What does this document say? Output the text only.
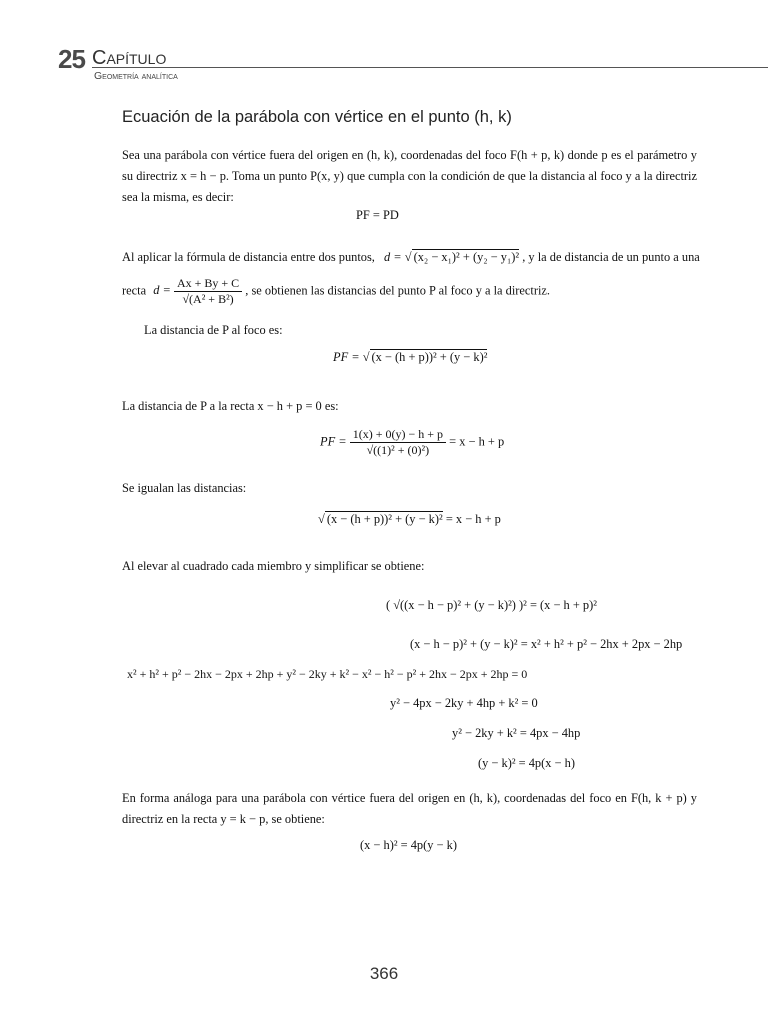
25 Capítulo
Geometría analítica
Ecuación de la parábola con vértice en el punto (h, k)
Sea una parábola con vértice fuera del origen en (h, k), coordenadas del foco F(h + p, k) donde p es el parámetro y su directriz x = h − p. Toma un punto P(x, y) que cumpla con la condición de que la distancia al foco y a la directriz sea la misma, es decir:
PF = PD
Al aplicar la fórmula de distancia entre dos puntos, d = √ (x₂ − x₁)² + (y₂ − y₁)² , y la de distancia de un punto a una
recta $d = \frac{Ax + By + C}{\text{√(A² + B²)}}$ , se obtienen las distancias del punto P al foco y a la directriz.
La distancia de P al foco es:
PF = √ (x − (h + p))² + (y − k)²
La distancia de P a la recta x − h + p = 0 es:
PF = $\frac{1(x) + 0(y) - h + p}{\text{√((1)² + (0)²)}} = x - h + p$
Se igualan las distancias:
√ (x − (h + p))² + (y − k)² = x − h + p
Al elevar al cuadrado cada miembro y simplificar se obtiene:
( √((x − h − p)² + (y − k)²) )² = (x − h + p)²
(x − h − p)² + (y − k)² = x² + h² + p² − 2hx + 2px − 2hp
x² + h² + p² − 2hx − 2px + 2hp + y² − 2ky + k² − x² − h² − p² + 2hx − 2px + 2hp = 0
y² − 4px − 2ky + 4hp + k² = 0
y² − 2ky + k² = 4px − 4hp
(y − k)² = 4p(x − h)
En forma análoga para una parábola con vértice fuera del origen en (h, k), coordenadas del foco en F(h, k + p) y directriz en la recta y = k − p, se obtiene:
(x − h)² = 4p(y − k)
366
